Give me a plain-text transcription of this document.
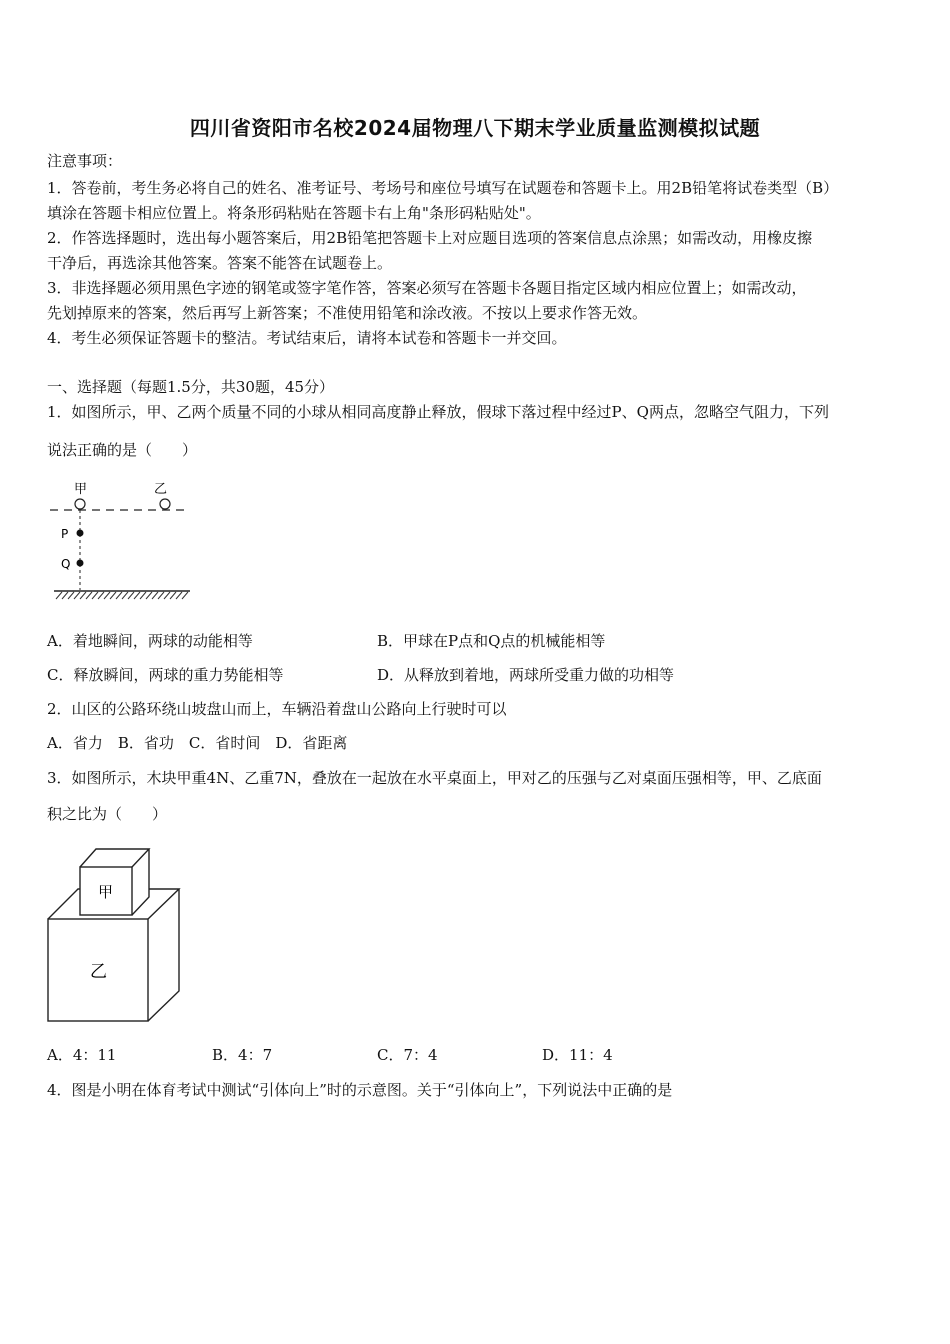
四川省资阳市名校2024届物理八下期末学业质量监测模拟试题
注意事项：
1．答卷前，考生务必将自己的姓名、准考证号、考场号和座位号填写在试题卷和答题卡上。用2B铅笔将试卷类型（B）
填涂在答题卡相应位置上。将条形码粘贴在答题卡右上角"条形码粘贴处"。
2．作答选择题时，选出每小题答案后，用2B铅笔把答题卡上对应题目选项的答案信息点涂黑；如需改动，用橡皮擦
干净后，再选涂其他答案。答案不能答在试题卷上。
3．非选择题必须用黑色字迹的钢笔或签字笔作答，答案必须写在答题卡各题目指定区域内相应位置上；如需改动，
先划掉原来的答案，然后再写上新答案；不准使用铅笔和涂改液。不按以上要求作答无效。
4．考生必须保证答题卡的整洁。考试结束后，请将本试卷和答题卡一并交回。
一、选择题（每题1.5分，共30题，45分）
1．如图所示，甲、乙两个质量不同的小球从相同高度静止释放，假球下落过程中经过P、Q两点，忽略空气阻力，下列
说法正确的是（　　）
甲	乙
P
Q
A．着地瞬间，两球的动能相等	B．甲球在P点和Q点的机械能相等
C．释放瞬间，两球的重力势能相等	D．从释放到着地，两球所受重力做的功相等
2．山区的公路环绕山坡盘山而上，车辆沿着盘山公路向上行驶时可以
A．省力　B．省功　C．省时间　D．省距离
3．如图所示，木块甲重4N、乙重7N，叠放在一起放在水平桌面上，甲对乙的压强与乙对桌面压强相等，甲、乙底面
积之比为（　　）
乙
甲
A．4：11	B．4：7	C．7：4	D．11：4
4．图是小明在体育考试中测试“引体向上”时的示意图。关于“引体向上”，下列说法中正确的是
